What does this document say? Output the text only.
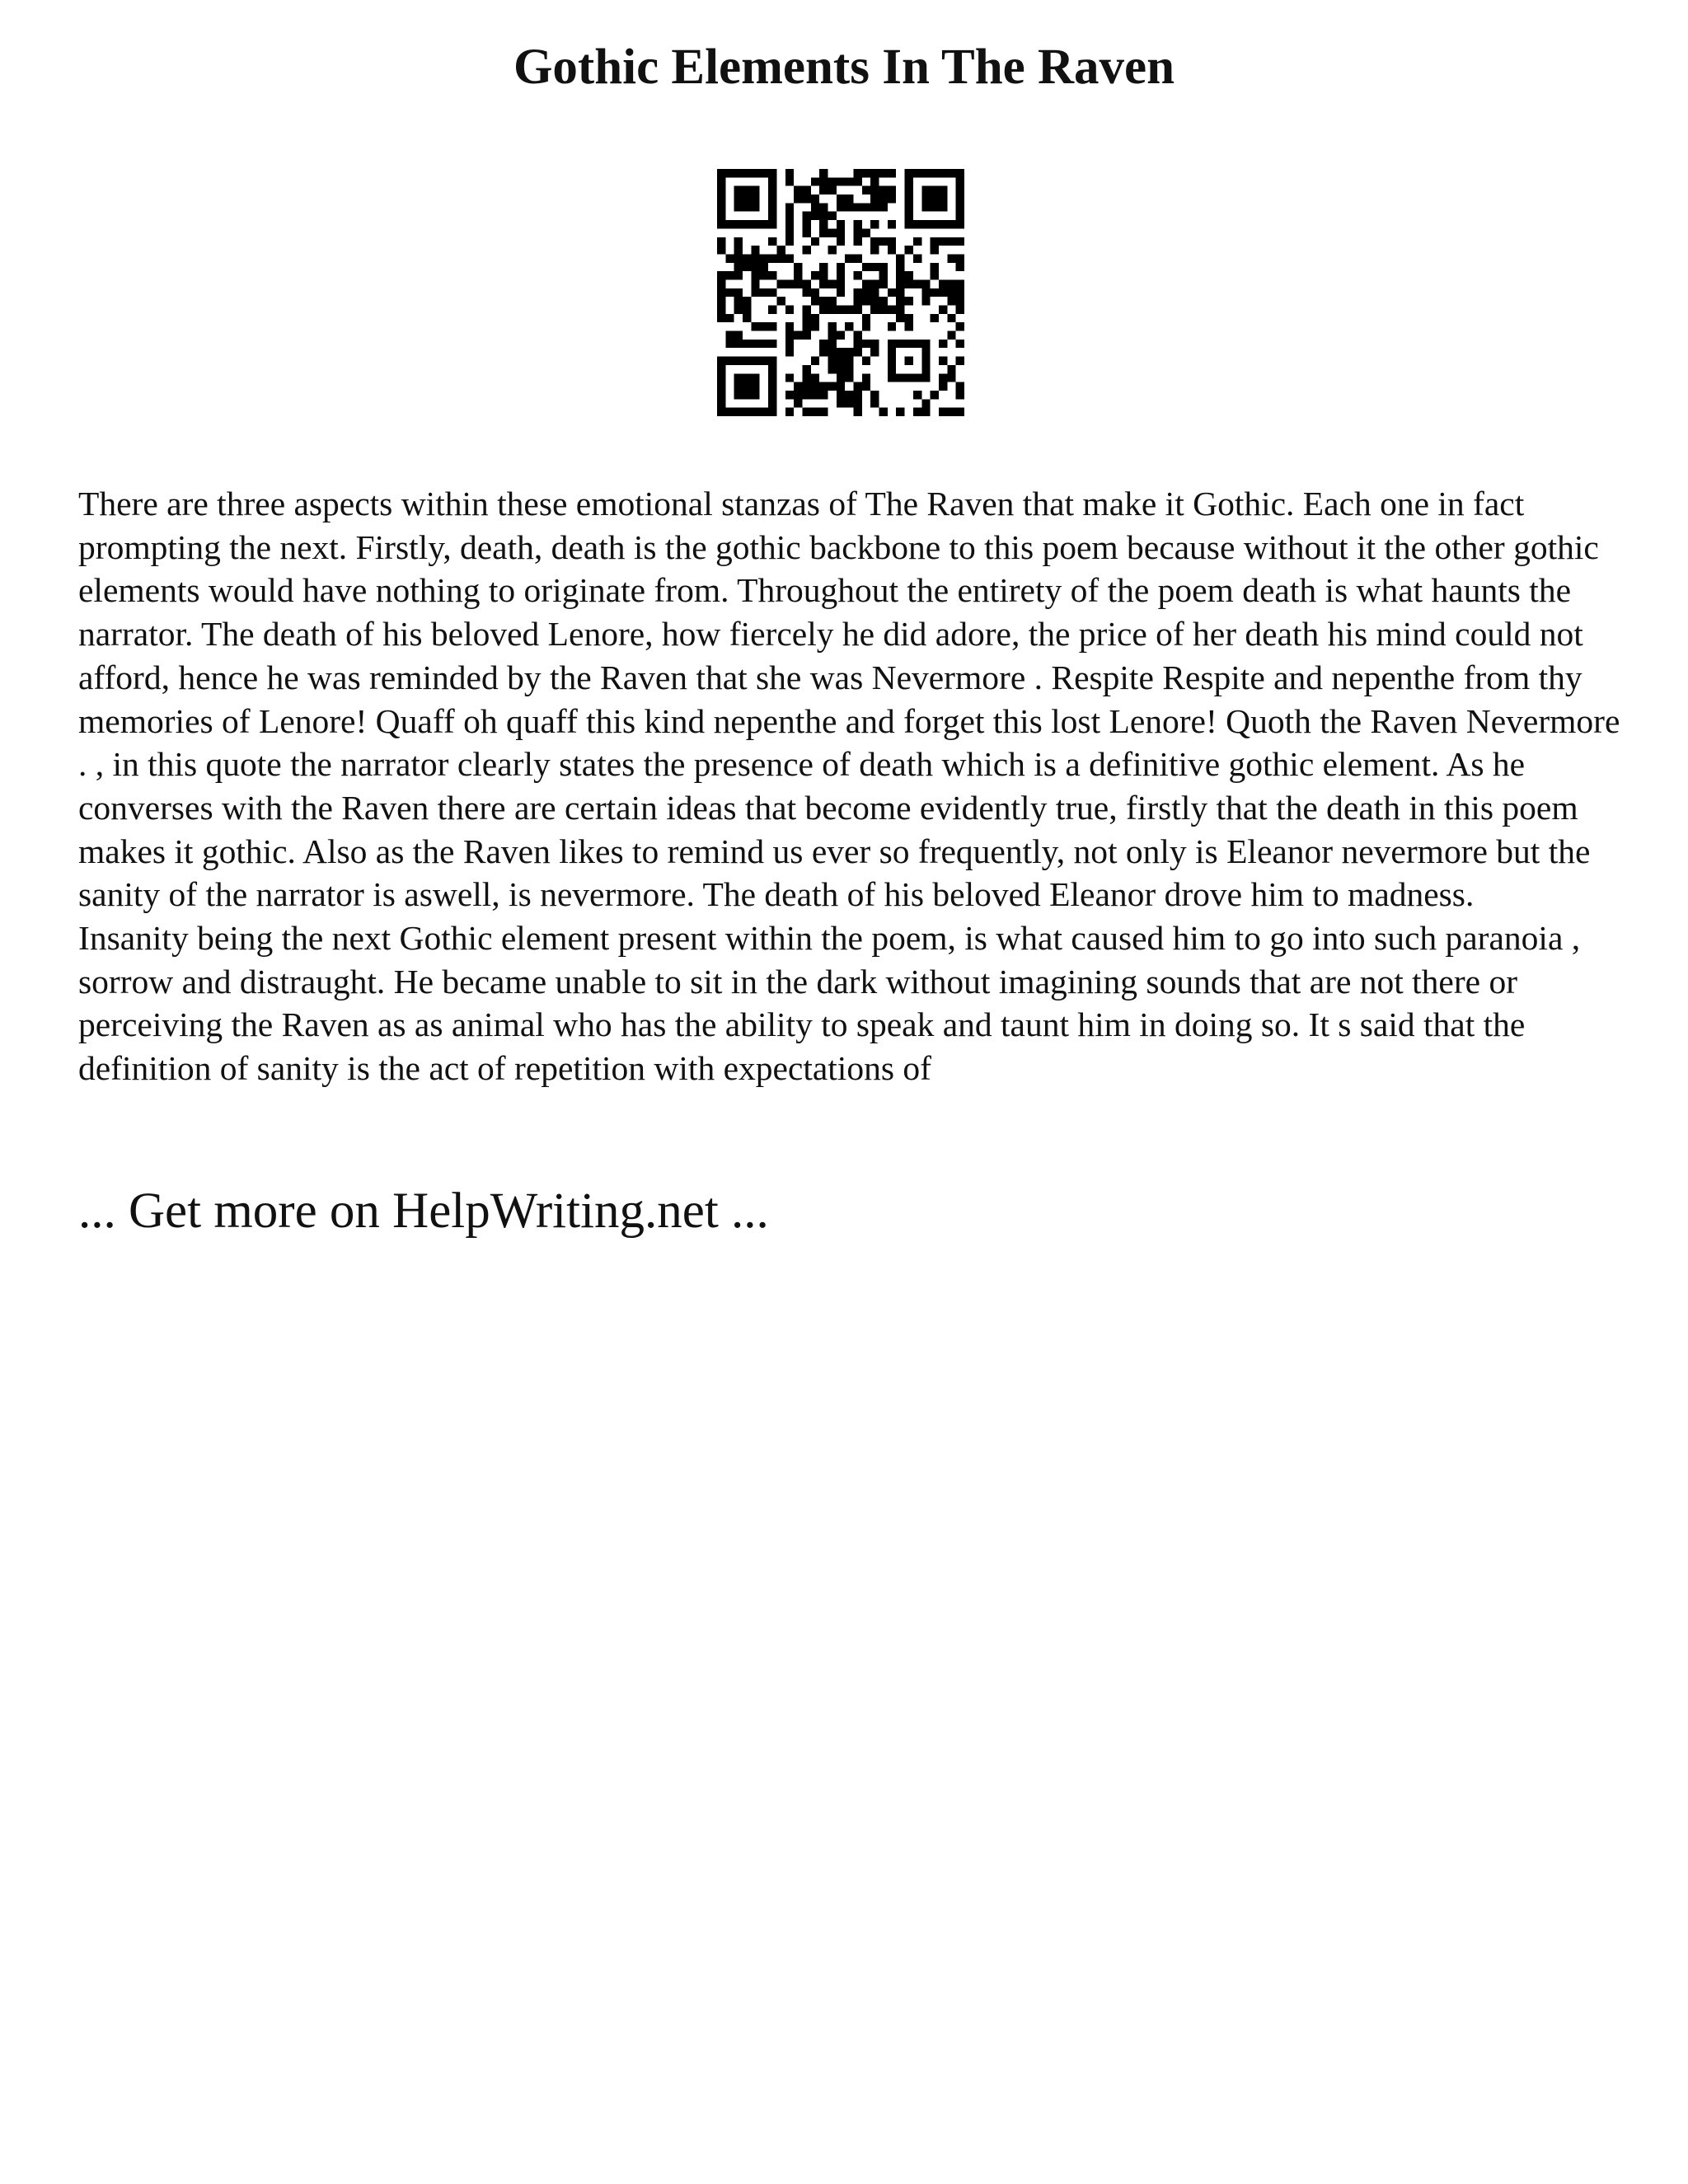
Gothic Elements In The Raven

There are three aspects within these emotional stanzas of The Raven that make it Gothic. Each one in fact prompting the next. Firstly, death, death is the gothic backbone to this poem because without it the other gothic elements would have nothing to originate from. Throughout the entirety of the poem death is what haunts the narrator. The death of his beloved Lenore, how fiercely he did adore, the price of her death his mind could not afford, hence he was reminded by the Raven that she was Nevermore . Respite Respite and nepenthe from thy memories of Lenore! Quaff oh quaff this kind nepenthe and forget this lost Lenore! Quoth the Raven Nevermore . , in this quote the narrator clearly states the presence of death which is a definitive gothic element. As he converses with the Raven there are certain ideas that become evidently true, firstly that the death in this poem makes it gothic. Also as the Raven likes to remind us ever so frequently, not only is Eleanor nevermore but the sanity of the narrator is aswell, is nevermore. The death of his beloved Eleanor drove him to madness.

Insanity being the next Gothic element present within the poem, is what caused him to go into such paranoia , sorrow and distraught. He became unable to sit in the dark without imagining sounds that are not there or perceiving the Raven as as animal who has the ability to speak and taunt him in doing so. It s said that the definition of sanity is the act of repetition with expectations of

... Get more on HelpWriting.net ...
